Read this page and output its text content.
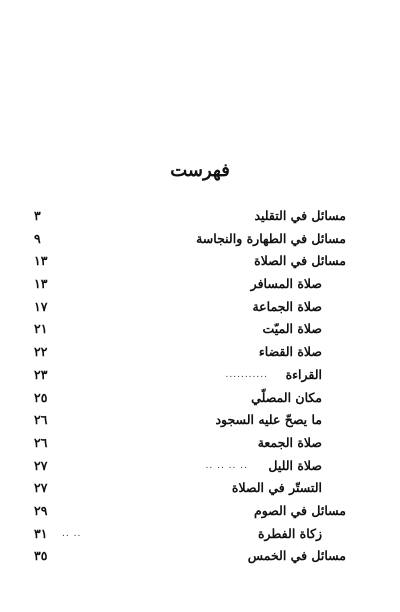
فهرست
مسائل في التقليد
٣
مسائل في الطهارة والنجاسة
٩
مسائل في الصلاة
١٣
صلاة المسافر
١٣
صلاة الجماعة
١٧
صلاة الميّت
٢١
صلاة القضاء
٢٢
القراءة
...........
٢٣
مكان المصلّي
٢٥
ما يصحّ عليه السجود
٢٦
صلاة الجمعة
٢٦
صلاة الليل
.. .. .. ..
٢٧
التستّر في الصلاة
٢٧
مسائل في الصوم
٢٩
زكاة الفطرة
.. ..
٣١
مسائل في الخمس
٣٥
